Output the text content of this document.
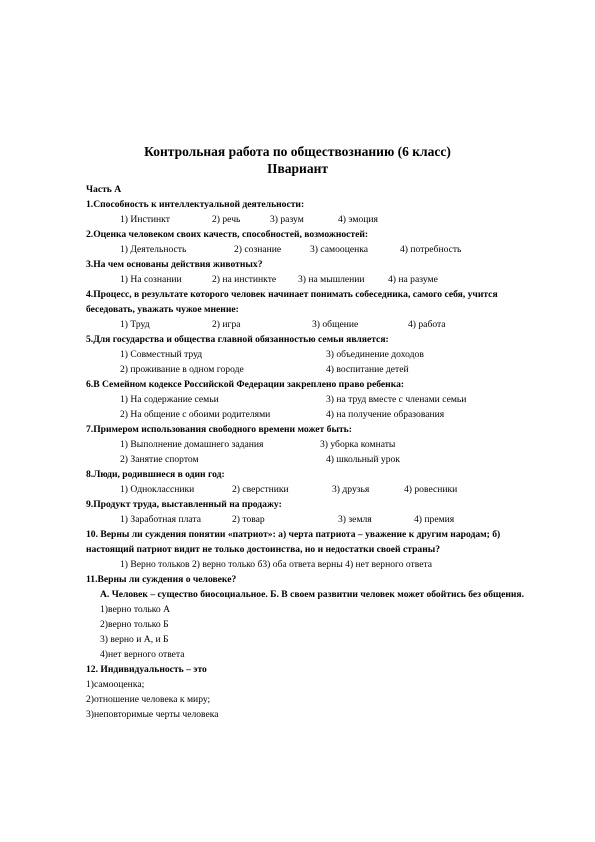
Контрольная работа по обществознанию (6 класс)
IIвариант
Часть А
1.Способность к интеллектуальной деятельности:
1) Инстинкт	2) речь	3) разум	4) эмоция
2.Оценка человеком своих качеств, способностей, возможностей:
1) Деятельность	2) сознание	3) самооценка	4) потребность
3.На чем основаны действия животных?
1) На сознании	2) на инстинкте	3) на мышлении	4) на разуме
4.Процесс, в результате которого человек начинает понимать собеседника, самого себя, учится беседовать, уважать чужое мнение:
1) Труд	2) игра	3) общение	4) работа
5.Для государства и общества главной обязанностью семьи является:
1) Совместный труд	3) объединение доходов
2) проживание в одном городе	4) воспитание детей
6.В Семейном кодексе Российской Федерации закреплено право ребенка:
1) На содержание семьи	3) на труд вместе с членами семьи
2) На общение с обоими родителями	4) на получение образования
7.Примером использования свободного времени может быть:
1) Выполнение домашнего задания	3) уборка комнаты
2) Занятие спортом	4) школьный урок
8.Люди, родившиеся в один год:
1) Одноклассники	2) сверстники	3) друзья	4) ровесники
9.Продукт труда, выставленный на продажу:
1) Заработная плата	2) товар	3) земля	4) премия
10. Верны ли суждения понятии «патриот»: а) черта патриота – уважение к другим народам; б) настоящий патриот видит не только достоинства, но и недостатки своей страны?
1) Верно тольков 2) верно только б3) оба ответа верны 4) нет верного ответа
11.Верны ли суждения о человеке?
А. Человек – существо биосоциальное. Б. В своем развитии человек может обойтись без общения.
1)верно только А
2)верно только Б
3) верно и А, и Б
4)нет верного ответа
12. Индивидуальность – это
1)самооценка;
2)отношение человека к миру;
3)неповторимые черты человека
